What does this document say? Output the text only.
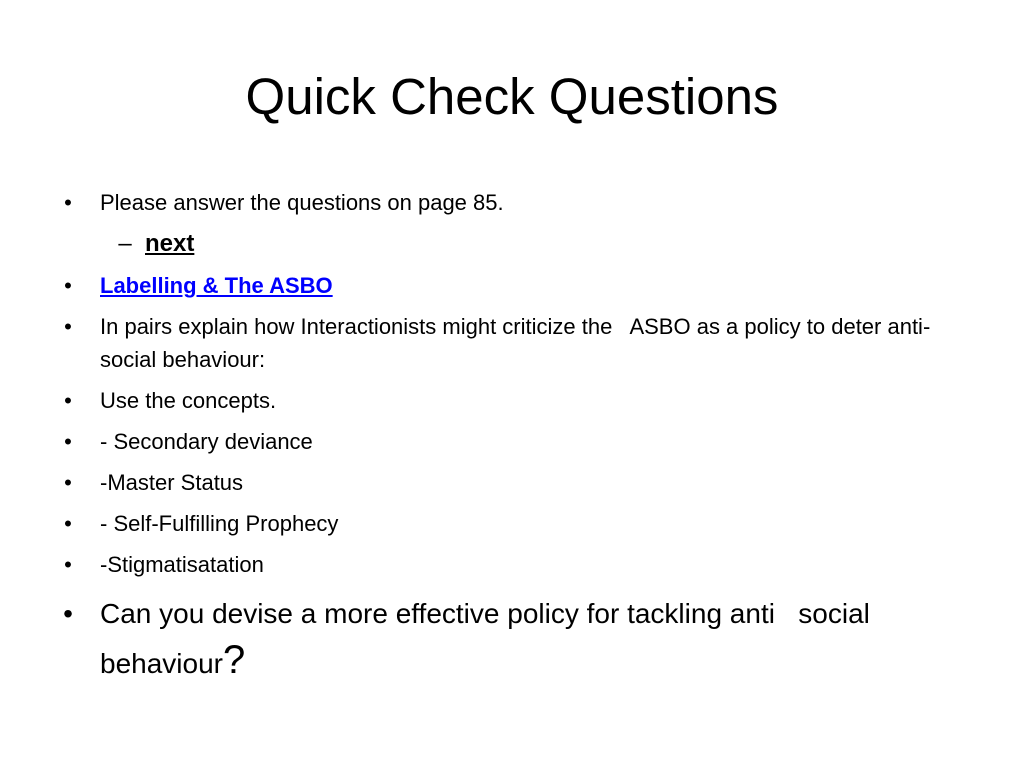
Quick Check Questions
• Please answer the questions on page 85.
– next
• Labelling & The ASBO
• In pairs explain how Interactionists might criticize the   ASBO as a policy to deter anti-social behaviour:
• Use the concepts.
• - Secondary deviance
• -Master Status
• - Self-Fulfilling Prophecy
• -Stigmatisatation
• Can you devise a more effective policy for tackling anti   social behaviour?
